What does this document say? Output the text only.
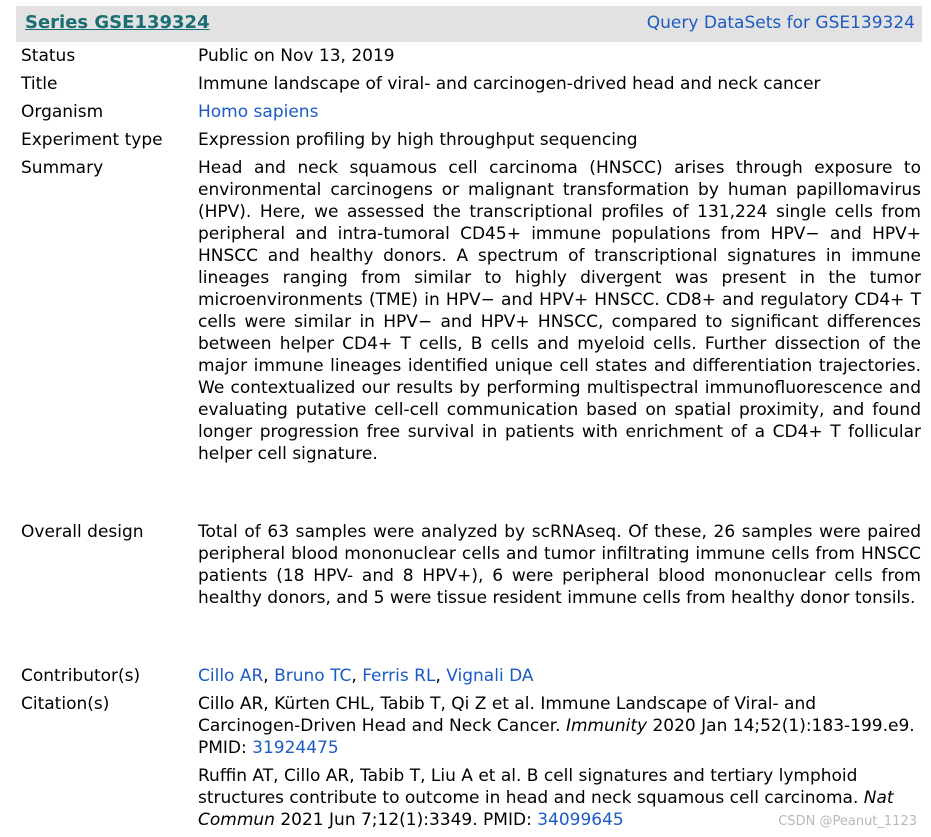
Series GSE139324	Query DataSets for GSE139324
Status	Public on Nov 13, 2019
Title	Immune landscape of viral- and carcinogen-drived head and neck cancer
Organism	Homo sapiens
Experiment type	Expression profiling by high throughput sequencing
Summary	Head and neck squamous cell carcinoma (HNSCC) arises through exposure to environmental carcinogens or malignant transformation by human papillomavirus (HPV). Here, we assessed the transcriptional profiles of 131,224 single cells from peripheral and intra-tumoral CD45+ immune populations from HPV− and HPV+ HNSCC and healthy donors. A spectrum of transcriptional signatures in immune lineages ranging from similar to highly divergent was present in the tumor microenvironments (TME) in HPV− and HPV+ HNSCC. CD8+ and regulatory CD4+ T cells were similar in HPV− and HPV+ HNSCC, compared to significant differences between helper CD4+ T cells, B cells and myeloid cells. Further dissection of the major immune lineages identified unique cell states and differentiation trajectories. We contextualized our results by performing multispectral immunofluorescence and evaluating putative cell-cell communication based on spatial proximity, and found longer progression free survival in patients with enrichment of a CD4+ T follicular helper cell signature.
Overall design	Total of 63 samples were analyzed by scRNAseq. Of these, 26 samples were paired peripheral blood mononuclear cells and tumor infiltrating immune cells from HNSCC patients (18 HPV- and 8 HPV+), 6 were peripheral blood mononuclear cells from healthy donors, and 5 were tissue resident immune cells from healthy donor tonsils.
Contributor(s)	Cillo AR, Bruno TC, Ferris RL, Vignali DA
Citation(s)	Cillo AR, Kürten CHL, Tabib T, Qi Z et al. Immune Landscape of Viral- and Carcinogen-Driven Head and Neck Cancer. Immunity 2020 Jan 14;52(1):183-199.e9. PMID: 31924475
Ruffin AT, Cillo AR, Tabib T, Liu A et al. B cell signatures and tertiary lymphoid structures contribute to outcome in head and neck squamous cell carcinoma. Nat Commun 2021 Jun 7;12(1):3349. PMID: 34099645	CSDN @Peanut_1123
